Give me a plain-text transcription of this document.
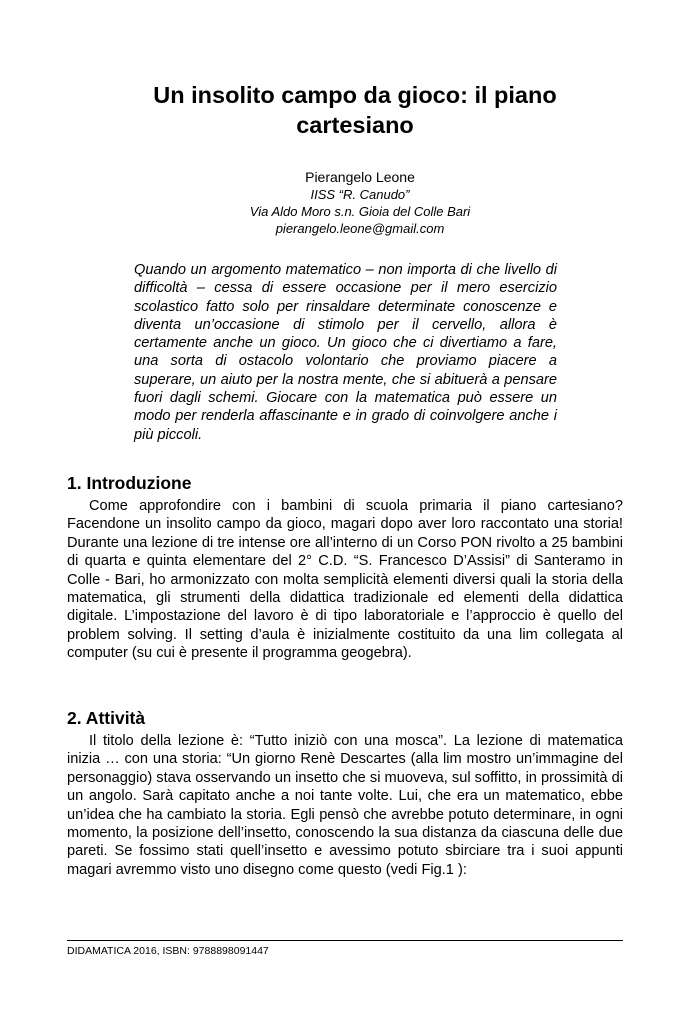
Un insolito campo da gioco: il piano cartesiano
Pierangelo Leone
IISS “R. Canudo”
Via Aldo Moro s.n. Gioia del Colle Bari
pierangelo.leone@gmail.com

Quando un argomento matematico – non importa di che livello di difficoltà – cessa di essere occasione per il mero esercizio scolastico fatto solo per rinsaldare determinate conoscenze e diventa un’occasione di stimolo per il cervello, allora è certamente anche un gioco. Un gioco che ci divertiamo a fare, una sorta di ostacolo volontario che proviamo piacere a superare, un aiuto per la nostra mente, che si abituerà a pensare fuori dagli schemi. Giocare con la matematica può essere un modo per renderla affascinante e in grado di coinvolgere anche i più piccoli.

1. Introduzione

Come approfondire con i bambini di scuola primaria il piano cartesiano? Facendone un insolito campo da gioco, magari dopo aver loro raccontato una storia! Durante una lezione di tre intense ore all’interno di un Corso PON rivolto a 25 bambini di quarta e quinta elementare del 2° C.D. “S. Francesco D’Assisi” di Santeramo in Colle - Bari, ho armonizzato con molta semplicità elementi diversi quali la storia della matematica, gli strumenti della didattica tradizionale ed elementi della didattica digitale. L’impostazione del lavoro è di tipo laboratoriale e l’approccio è quello del problem solving. Il setting d’aula è inizialmente costituito da una lim collegata al computer (su cui è presente il programma geogebra).

2. Attività

Il titolo della lezione è: “Tutto iniziò con una mosca”. La lezione di matematica inizia … con una storia: “Un giorno Renè Descartes (alla lim mostro un’immagine del personaggio) stava osservando un insetto che si muoveva, sul soffitto, in prossimità di un angolo. Sarà capitato anche a noi tante volte. Lui, che era un matematico, ebbe un’idea che ha cambiato la storia. Egli pensò che avrebbe potuto determinare, in ogni momento, la posizione dell’insetto, conoscendo la sua distanza da ciascuna delle due pareti. Se fossimo stati quell’insetto e avessimo potuto sbirciare tra i suoi appunti magari avremmo visto uno disegno come questo (vedi Fig.1 ):

DIDAMATICA 2016, ISBN: 9788898091447
